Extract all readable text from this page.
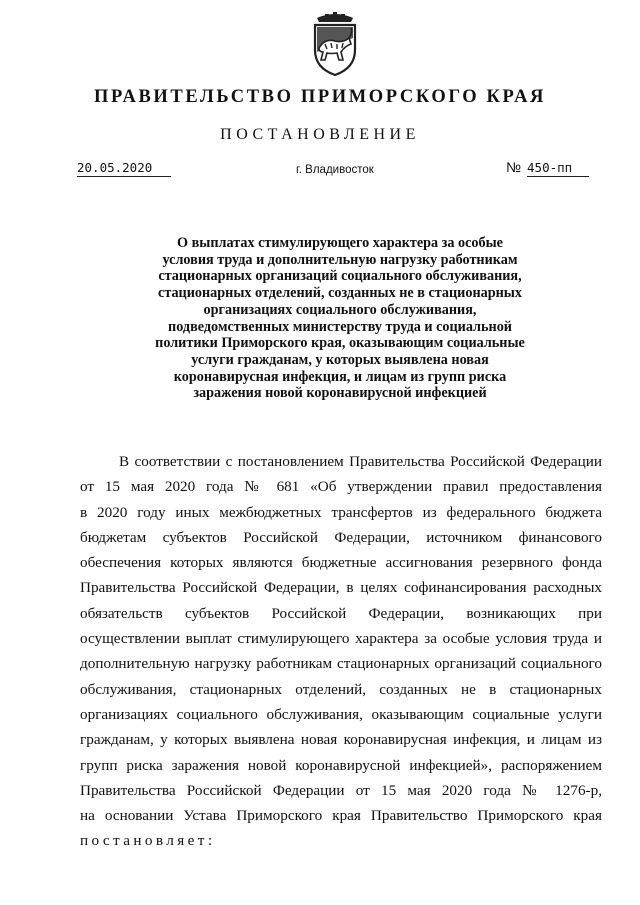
ПРАВИТЕЛЬСТВО ПРИМОРСКОГО КРАЯ
ПОСТАНОВЛЕНИЕ
20.05.2020	г. Владивосток	№ 450-пп
О выплатах стимулирующего характера за особые
условия труда и дополнительную нагрузку работникам
стационарных организаций социального обслуживания,
стационарных отделений, созданных не в стационарных
организациях социального обслуживания,
подведомственных министерству труда и социальной
политики Приморского края, оказывающим социальные
услуги гражданам, у которых выявлена новая
коронавирусная инфекция, и лицам из групп риска
заражения новой коронавирусной инфекцией
В соответствии с постановлением Правительства Российской Федерации
от 15 мая 2020 года № 681 «Об утверждении правил предоставления
в 2020 году иных межбюджетных трансфертов из федерального бюджета
бюджетам субъектов Российской Федерации, источником финансового
обеспечения которых являются бюджетные ассигнования резервного фонда
Правительства Российской Федерации, в целях софинансирования расходных
обязательств субъектов Российской Федерации, возникающих при
осуществлении выплат стимулирующего характера за особые условия труда и
дополнительную нагрузку работникам стационарных организаций социального
обслуживания, стационарных отделений, созданных не в стационарных
организациях социального обслуживания, оказывающим социальные услуги
гражданам, у которых выявлена новая коронавирусная инфекция, и лицам из
групп риска заражения новой коронавирусной инфекцией», распоряжением
Правительства Российской Федерации от 15 мая 2020 года № 1276-р,
на основании Устава Приморского края Правительство Приморского края
постановляет:
